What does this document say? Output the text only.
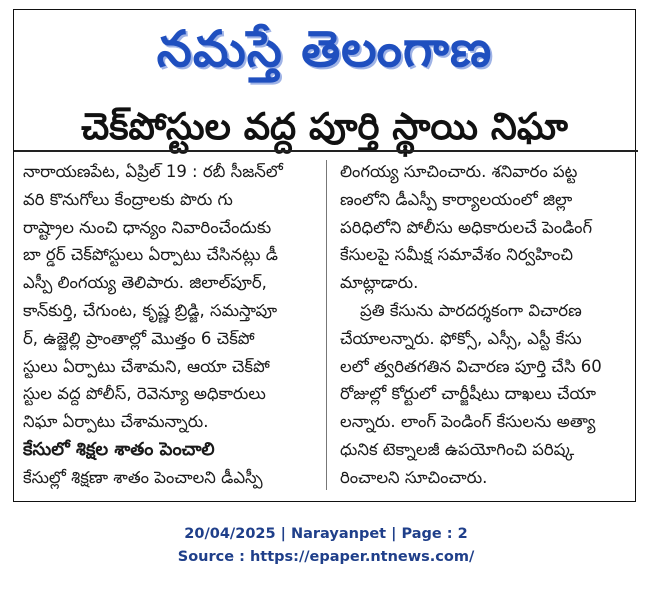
నమస్తే తెలంగాణ
చెక్‌పోస్టుల వద్ద పూర్తి స్థాయి నిఘా
నారాయణపేట, ఏప్రిల్ 19 : రబీ సీజన్‌లో
వరి కొనుగోలు కేంద్రాలకు పొరు గు
రాష్ట్రాల నుంచి ధాన్యం నివారించేందుకు
బా ర్డర్ చెక్‌పోస్టులు ఏర్పాటు చేసినట్లు డీ
ఎస్పీ లింగయ్య తెలిపారు. జిలాల్‌పూర్,
కాన్‌కుర్తి, చేగుంట, కృష్ణ బ్రిడ్జి, సమస్తాపూ
ర్, ఉజ్జెల్లి ప్రాంతాల్లో మొత్తం 6 చెక్‌పో
స్టులు ఏర్పాటు చేశామని, ఆయా చెక్‌పో
స్టుల వద్ద పోలీస్, రెవెన్యూ అధికారులు
నిఘా ఏర్పాటు చేశామన్నారు.
కేసులో శిక్షల శాతం పెంచాలి
కేసుల్లో శిక్షణా శాతం పెంచాలని డీఎస్పీ
లింగయ్య సూచించారు. శనివారం పట్ట
ణంలోని డీఎస్పీ కార్యాలయంలో జిల్లా
పరిధిలోని పోలీసు అధికారులచే పెండింగ్
కేసులపై సమీక్ష సమావేశం నిర్వహించి
మాట్లాడారు.
ప్రతి కేసును పారదర్శకంగా విచారణ
చేయాలన్నారు. ఫోక్సో, ఎస్సీ, ఎస్టీ కేసు
లలో త్వరితగతిన విచారణ పూర్తి చేసి 60
రోజుల్లో కోర్టులో చార్జీషీటు దాఖలు చేయా
లన్నారు. లాంగ్ పెండింగ్ కేసులను అత్యా
ధునిక టెక్నాలజీ ఉపయోగించి పరిష్క
రించాలని సూచించారు.
20/04/2025 | Narayanpet | Page : 2
Source : https://epaper.ntnews.com/
